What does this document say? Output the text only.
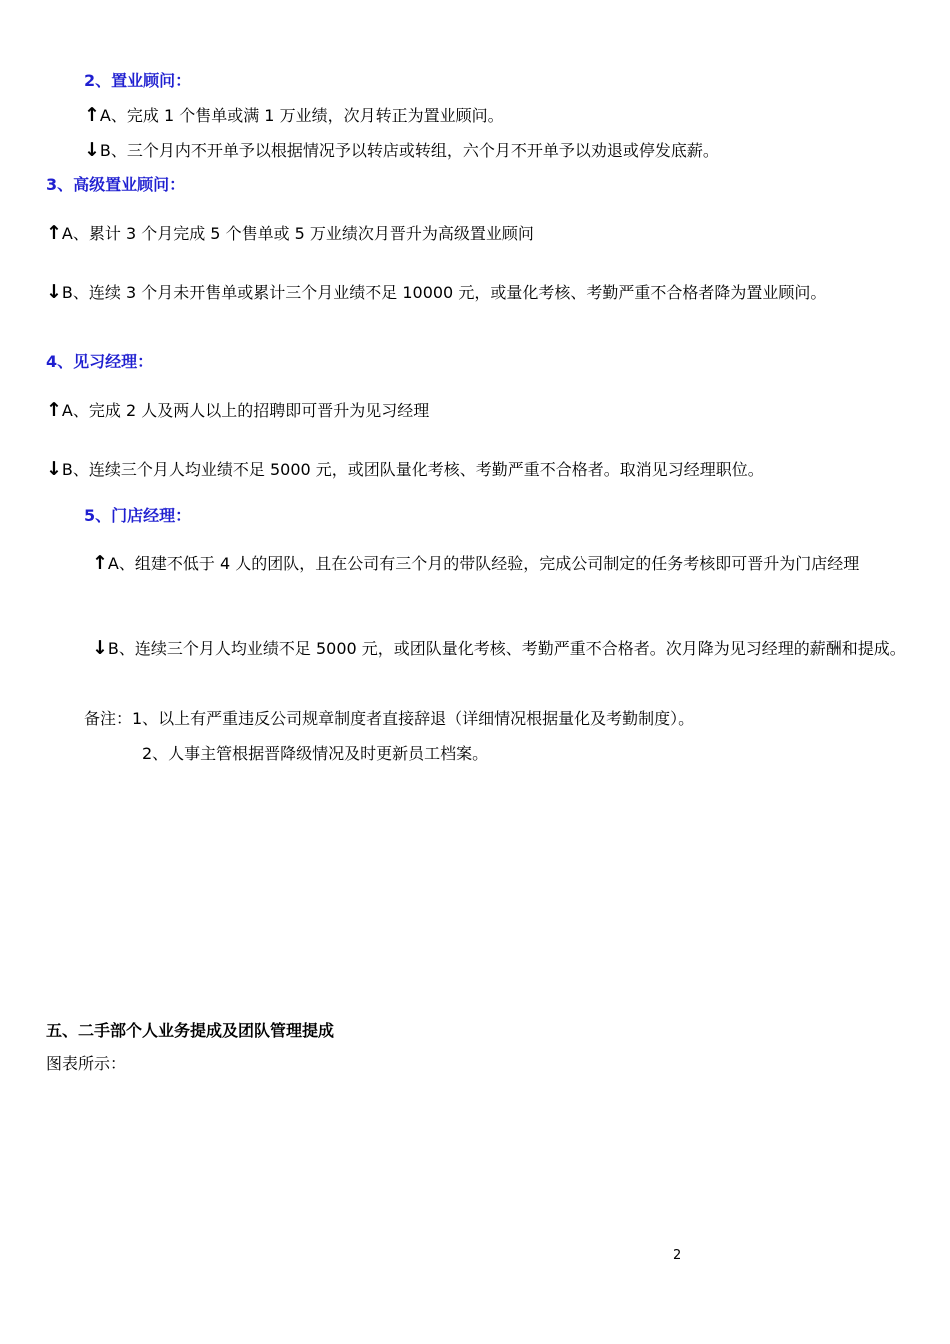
2、置业顾问：
↑A、完成 1 个售单或满 1 万业绩，次月转正为置业顾问。
↓B、三个月内不开单予以根据情况予以转店或转组，六个月不开单予以劝退或停发底薪。
3、高级置业顾问：
↑A、累计 3 个月完成 5 个售单或 5 万业绩次月晋升为高级置业顾问
↓B、连续 3 个月未开售单或累计三个月业绩不足 10000 元，或量化考核、考勤严重不合格者降为置业顾问。
4、见习经理：
↑A、完成 2 人及两人以上的招聘即可晋升为见习经理
↓B、连续三个月人均业绩不足 5000 元，或团队量化考核、考勤严重不合格者。取消见习经理职位。
5、门店经理：
↑A、组建不低于 4 人的团队，且在公司有三个月的带队经验，完成公司制定的任务考核即可晋升为门店经理
↓B、连续三个月人均业绩不足 5000 元，或团队量化考核、考勤严重不合格者。次月降为见习经理的薪酬和提成。
备注：1、以上有严重违反公司规章制度者直接辞退（详细情况根据量化及考勤制度）。
2、人事主管根据晋降级情况及时更新员工档案。
五、二手部个人业务提成及团队管理提成
图表所示：
2
